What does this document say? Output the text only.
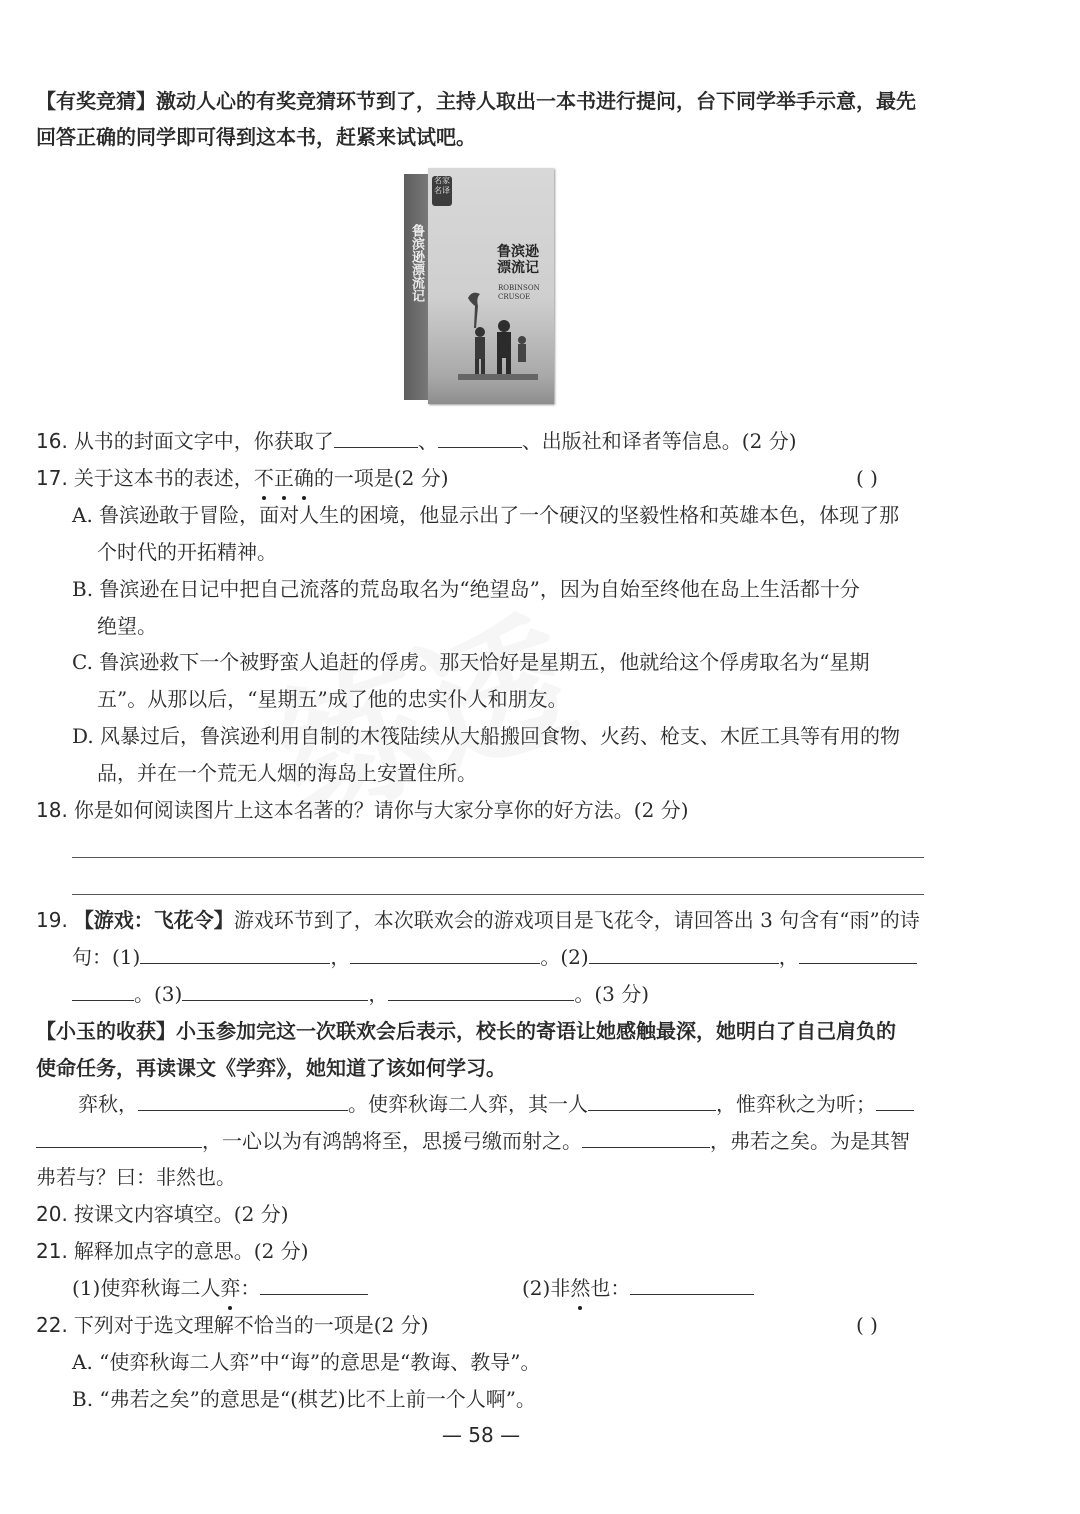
【有奖竞猜】激动人心的有奖竞猜环节到了，主持人取出一本书进行提问，台下同学举手示意，最先
回答正确的同学即可得到这本书，赶紧来试试吧。
鲁滨逊漂流记
名家名译
鲁滨逊漂流记
ROBINSON CRUSOE
16. 从书的封面文字中，你获取了	、	、出版社和译者等信息。(2 分)
17. 关于这本书的表述，不正确的一项是(2 分)	( )
A. 鲁滨逊敢于冒险，面对人生的困境，他显示出了一个硬汉的坚毅性格和英雄本色，体现了那
个时代的开拓精神。
B. 鲁滨逊在日记中把自己流落的荒岛取名为“绝望岛”，因为自始至终他在岛上生活都十分
绝望。
C. 鲁滨逊救下一个被野蛮人追赶的俘虏。那天恰好是星期五，他就给这个俘虏取名为“星期
五”。从那以后，“星期五”成了他的忠实仆人和朋友。
D. 风暴过后，鲁滨逊利用自制的木筏陆续从大船搬回食物、火药、枪支、木匠工具等有用的物
品，并在一个荒无人烟的海岛上安置住所。
18. 你是如何阅读图片上这本名著的？请你与大家分享你的好方法。(2 分)
19. 【游戏：飞花令】游戏环节到了，本次联欢会的游戏项目是飞花令，请回答出 3 句含有“雨”的诗
句：(1)	，	。(2)	，
。(3)	，	。(3 分)
【小玉的收获】小玉参加完这一次联欢会后表示，校长的寄语让她感触最深，她明白了自己肩负的
使命任务，再读课文《学弈》，她知道了该如何学习。
弈秋，	。使弈秋诲二人弈，其一人	，惟弈秋之为听；
，一心以为有鸿鹄将至，思援弓缴而射之。	，弗若之矣。为是其智
弗若与？曰：非然也。
20. 按课文内容填空。(2 分)
21. 解释加点字的意思。(2 分)
(1)使弈秋诲二人弈：	(2)非然也：
22. 下列对于选文理解不恰当的一项是(2 分)	( )
A. “使弈秋诲二人弈”中“诲”的意思是“教诲、教导”。
B. “弗若之矣”的意思是“(棋艺)比不上前一个人啊”。
— 58 —
